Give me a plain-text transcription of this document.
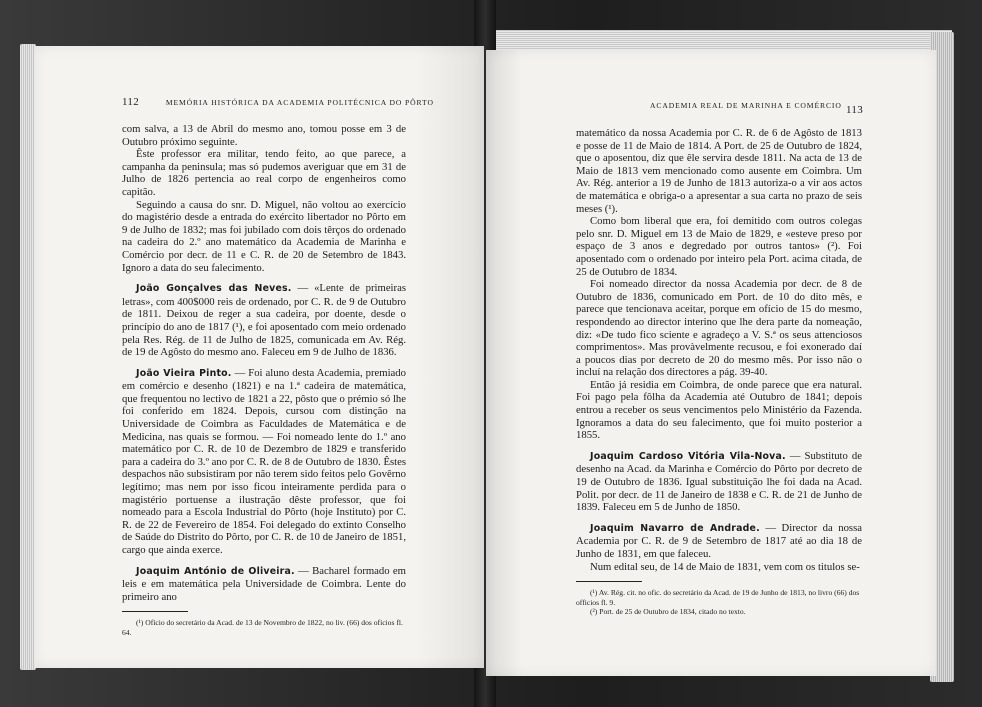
112	MEMÓRIA HISTÓRICA DA ACADEMIA POLITÉCNICA DO PÔRTO

com salva, a 13 de Abril do mesmo ano, tomou posse em 3 de Outubro próximo seguinte.

Êste professor era militar, tendo feito, ao que parece, a campanha da peninsula; mas só pudemos averiguar que em 31 de Julho de 1826 pertencia ao real corpo de engenheiros como capitão.

Seguindo a causa do snr. D. Miguel, não voltou ao exercício do magistério desde a entrada do exército libertador no Pôrto em 9 de Julho de 1832; mas foi jubilado com dois têrços do ordenado na cadeira do 2.º ano matemático da Academia de Marinha e Comércio por decr. de 11 e C. R. de 20 de Setembro de 1843. Ignoro a data do seu falecimento.

João Gonçalves das Neves. — «Lente de primeiras letras», com 400$000 reis de ordenado, por C. R. de 9 de Outubro de 1811. Deixou de reger a sua cadeira, por doente, desde o princípio do ano de 1817 (¹), e foi aposentado com meio ordenado pela Res. Rég. de 11 de Julho de 1825, comunicada em Av. Rég. de 19 de Agôsto do mesmo ano. Faleceu em 9 de Julho de 1836.

João Vieira Pinto. — Foi aluno desta Academia, premiado em comércio e desenho (1821) e na 1.ª cadeira de matemática, que frequentou no lectivo de 1821 a 22, pôsto que o prémio só lhe foi conferido em 1824. Depois, cursou com distinção na Universidade de Coimbra as Faculdades de Matemática e de Medicina, nas quais se formou. — Foi nomeado lente do 1.º ano matemático por C. R. de 10 de Dezembro de 1829 e transferido para a cadeira do 3.º ano por C. R. de 8 de Outubro de 1830. Êstes despachos não subsistiram por não terem sido feitos pelo Govêrno legítimo; mas nem por isso ficou inteiramente perdida para o magistério portuense a ilustração dêste professor, que foi nomeado para a Escola Industrial do Pôrto (hoje Instituto) por C. R. de 22 de Fevereiro de 1854. Foi delegado do extinto Conselho de Saúde do Distrito do Pôrto, por C. R. de 10 de Janeiro de 1851, cargo que ainda exerce.

Joaquim António de Oliveira. — Bacharel formado em leis e em matemática pela Universidade de Coimbra. Lente do primeiro ano

(¹) Ofício do secretário da Acad. de 13 de Novembro de 1822, no liv. (66) dos ofícios fl. 64.

ACADEMIA REAL DE MARINHA E COMÉRCIO 113

matemático da nossa Academia por C. R. de 6 de Agôsto de 1813 e posse de 11 de Maio de 1814. A Port. de 25 de Outubro de 1824, que o aposentou, diz que êle servira desde 1811. Na acta de 13 de Maio de 1813 vem mencionado como ausente em Coimbra. Um Av. Rég. anterior a 19 de Junho de 1813 autoriza-o a vir aos actos de matemática e obriga-o a apresentar a sua carta no prazo de seis meses (¹).

Como bom liberal que era, foi demitido com outros colegas pelo snr. D. Miguel em 13 de Maio de 1829, e «esteve preso por espaço de 3 anos e degredado por outros tantos» (²). Foi aposentado com o ordenado por inteiro pela Port. acima citada, de 25 de Outubro de 1834.

Foi nomeado director da nossa Academia por decr. de 8 de Outubro de 1836, comunicado em Port. de 10 do dito mês, e parece que tencionava aceitar, porque em ofício de 15 do mesmo, respondendo ao director interino que lhe dera parte da nomeação, diz: «De tudo fico sciente e agradeço a V. S.ª os seus attenciosos comprimentos». Mas provàvelmente recusou, e foi exonerado daí a poucos dias por decreto de 20 do mesmo mês. Por isso não o incluí na relação dos directores a pág. 39-40.

Então já residia em Coimbra, de onde parece que era natural. Foi pago pela fôlha da Academia até Outubro de 1841; depois entrou a receber os seus vencimentos pelo Ministério da Fazenda. Ignoramos a data do seu falecimento, que foi muito posterior a 1855.

Joaquim Cardoso Vitória Vila-Nova. — Substituto de desenho na Acad. da Marinha e Comércio do Pôrto por decreto de 19 de Outubro de 1836. Igual substituição lhe foi dada na Acad. Polit. por decr. de 11 de Janeiro de 1838 e C. R. de 21 de Junho de 1839. Faleceu em 5 de Junho de 1850.

Joaquim Navarro de Andrade. — Director da nossa Academia por C. R. de 9 de Setembro de 1817 até ao dia 18 de Junho de 1831, em que faleceu.

Num edital seu, de 14 de Maio de 1831, vem com os titulos se-

(¹) Av. Rég. cit. no ofic. do secretário da Acad. de 19 de Junho de 1813, no livro (66) dos officios fl. 9.

(²) Port. de 25 de Outubro de 1834, citado no texto.
